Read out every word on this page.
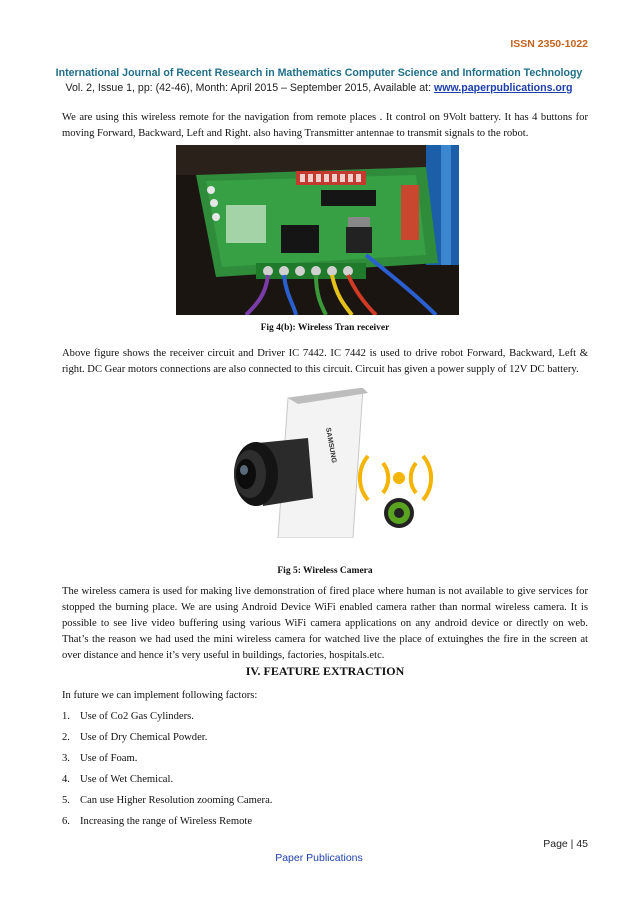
ISSN 2350-1022
International Journal of Recent Research in Mathematics Computer Science and Information Technology
Vol. 2, Issue 1, pp: (42-46), Month: April 2015 – September 2015, Available at: www.paperpublications.org
We are using this wireless remote for the navigation from remote places . It control on 9Volt battery. It has 4 buttons for moving Forward, Backward, Left and Right. also having Transmitter antennae to transmit signals to the robot.
Fig 4(b): Wireless Tran receiver
Above figure shows the receiver circuit and Driver IC 7442. IC 7442 is used to drive robot Forward, Backward, Left & right. DC Gear motors connections are also connected to this circuit. Circuit has given a power supply of 12V DC battery.
SAMSUNG
Fig 5: Wireless Camera
The wireless camera is used for making live demonstration of fired place where human is not available to give services for stopped the burning place. We are using Android Device WiFi enabled camera rather than normal wireless camera. It is possible to see live video buffering using various WiFi camera applications on any android device or directly on web. That’s the reason we had used the mini wireless camera for watched live the place of extuinghes the fire in the screen at over distance and hence it’s very useful in buildings, factories, hospitals.etc.
IV. FEATURE EXTRACTION
In future we can implement following factors:
1. Use of Co2 Gas Cylinders.
2. Use of Dry Chemical Powder.
3. Use of Foam.
4. Use of Wet Chemical.
5. Can use Higher Resolution zooming Camera.
6. Increasing the range of Wireless Remote
Page | 45
Paper Publications
